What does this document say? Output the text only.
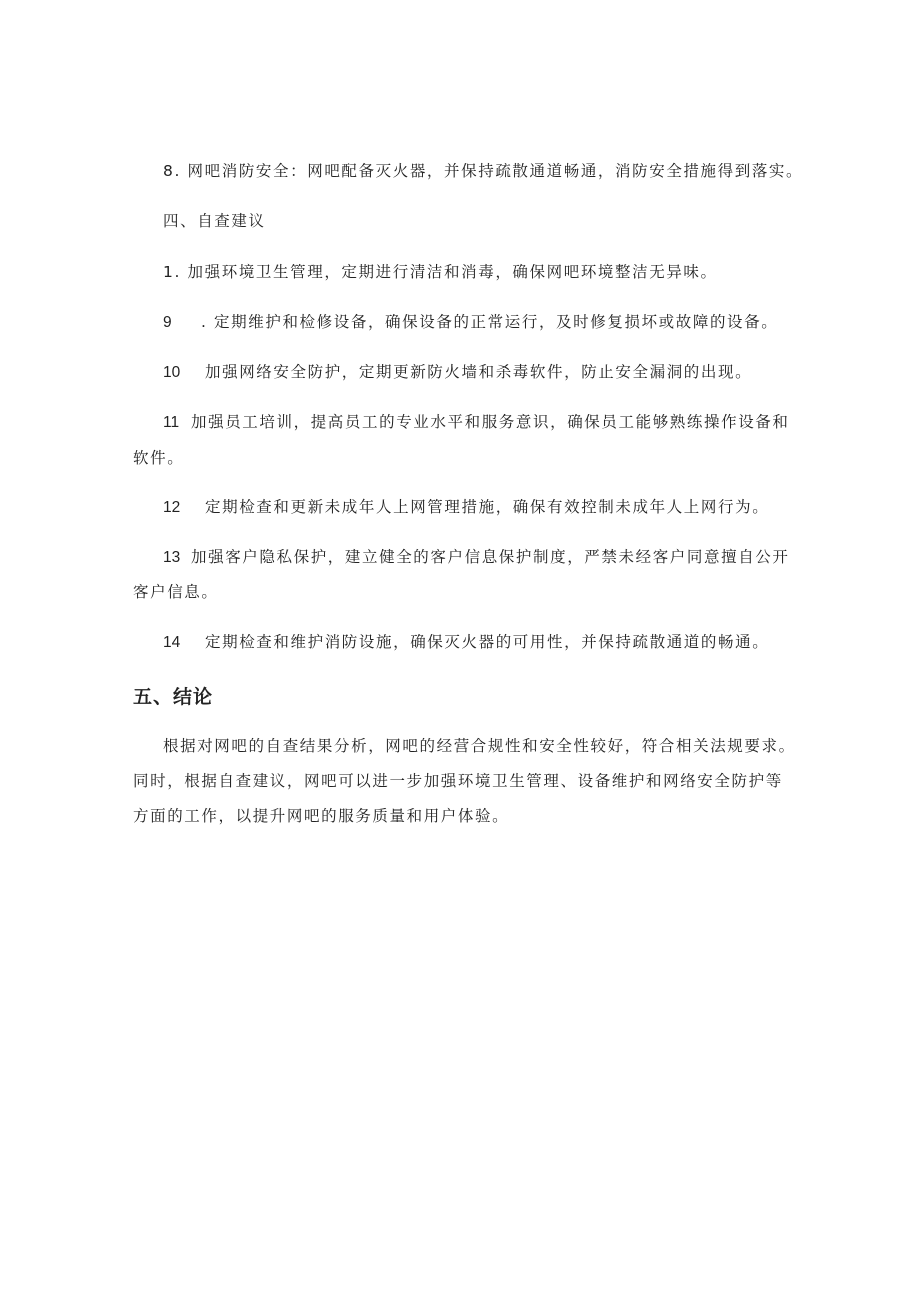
8. 网吧消防安全：网吧配备灭火器，并保持疏散通道畅通，消防安全措施得到落实。
四、自查建议
1. 加强环境卫生管理，定期进行清洁和消毒，确保网吧环境整洁无异味。
9 . 定期维护和检修设备，确保设备的正常运行，及时修复损坏或故障的设备。
10 加强网络安全防护，定期更新防火墙和杀毒软件，防止安全漏洞的出现。
11 加强员工培训，提高员工的专业水平和服务意识，确保员工能够熟练操作设备和
软件。
12 定期检查和更新未成年人上网管理措施，确保有效控制未成年人上网行为。
13 加强客户隐私保护，建立健全的客户信息保护制度，严禁未经客户同意擅自公开
客户信息。
14 定期检查和维护消防设施，确保灭火器的可用性，并保持疏散通道的畅通。
五、结论
根据对网吧的自查结果分析，网吧的经营合规性和安全性较好，符合相关法规要求。
同时，根据自查建议，网吧可以进一步加强环境卫生管理、设备维护和网络安全防护等
方面的工作，以提升网吧的服务质量和用户体验。
